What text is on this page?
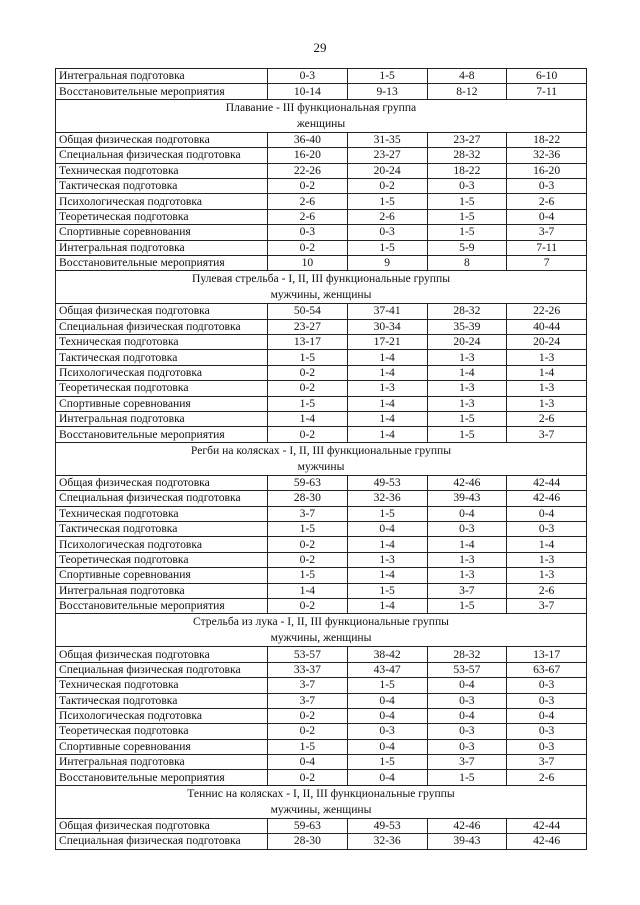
29
Интегральная подготовка	0-3	1-5	4-8	6-10
Восстановительные мероприятия	10-14	9-13	8-12	7-11

Плавание - III функциональная группа
женщины				

Общая физическая подготовка	36-40	31-35	23-27	18-22
Специальная физическая подготовка	16-20	23-27	28-32	32-36
Техническая подготовка	22-26	20-24	18-22	16-20
Тактическая подготовка	0-2	0-2	0-3	0-3
Психологическая подготовка	2-6	1-5	1-5	2-6
Теоретическая подготовка	2-6	2-6	1-5	0-4
Спортивные соревнования	0-3	0-3	1-5	3-7
Интегральная подготовка	0-2	1-5	5-9	7-11
Восстановительные мероприятия	10	9	8	7

Пулевая стрельба - I, II, III функциональные группы
мужчины, женщины				

Общая физическая подготовка	50-54	37-41	28-32	22-26
Специальная физическая подготовка	23-27	30-34	35-39	40-44
Техническая подготовка	13-17	17-21	20-24	20-24
Тактическая подготовка	1-5	1-4	1-3	1-3
Психологическая подготовка	0-2	1-4	1-4	1-4
Теоретическая подготовка	0-2	1-3	1-3	1-3
Спортивные соревнования	1-5	1-4	1-3	1-3
Интегральная подготовка	1-4	1-4	1-5	2-6
Восстановительные мероприятия	0-2	1-4	1-5	3-7

Регби на колясках - I, II, III функциональные группы
мужчины				

Общая физическая подготовка	59-63	49-53	42-46	42-44
Специальная физическая подготовка	28-30	32-36	39-43	42-46
Техническая подготовка	3-7	1-5	0-4	0-4
Тактическая подготовка	1-5	0-4	0-3	0-3
Психологическая подготовка	0-2	1-4	1-4	1-4
Теоретическая подготовка	0-2	1-3	1-3	1-3
Спортивные соревнования	1-5	1-4	1-3	1-3
Интегральная подготовка	1-4	1-5	3-7	2-6
Восстановительные мероприятия	0-2	1-4	1-5	3-7

Стрельба из лука - I, II, III функциональные группы
мужчины, женщины				

Общая физическая подготовка	53-57	38-42	28-32	13-17
Специальная физическая подготовка	33-37	43-47	53-57	63-67
Техническая подготовка	3-7	1-5	0-4	0-3
Тактическая подготовка	3-7	0-4	0-3	0-3
Психологическая подготовка	0-2	0-4	0-4	0-4
Теоретическая подготовка	0-2	0-3	0-3	0-3
Спортивные соревнования	1-5	0-4	0-3	0-3
Интегральная подготовка	0-4	1-5	3-7	3-7
Восстановительные мероприятия	0-2	0-4	1-5	2-6

Теннис на колясках - I, II, III функциональные группы
мужчины, женщины				

Общая физическая подготовка	59-63	49-53	42-46	42-44
Специальная физическая подготовка	28-30	32-36	39-43	42-46
